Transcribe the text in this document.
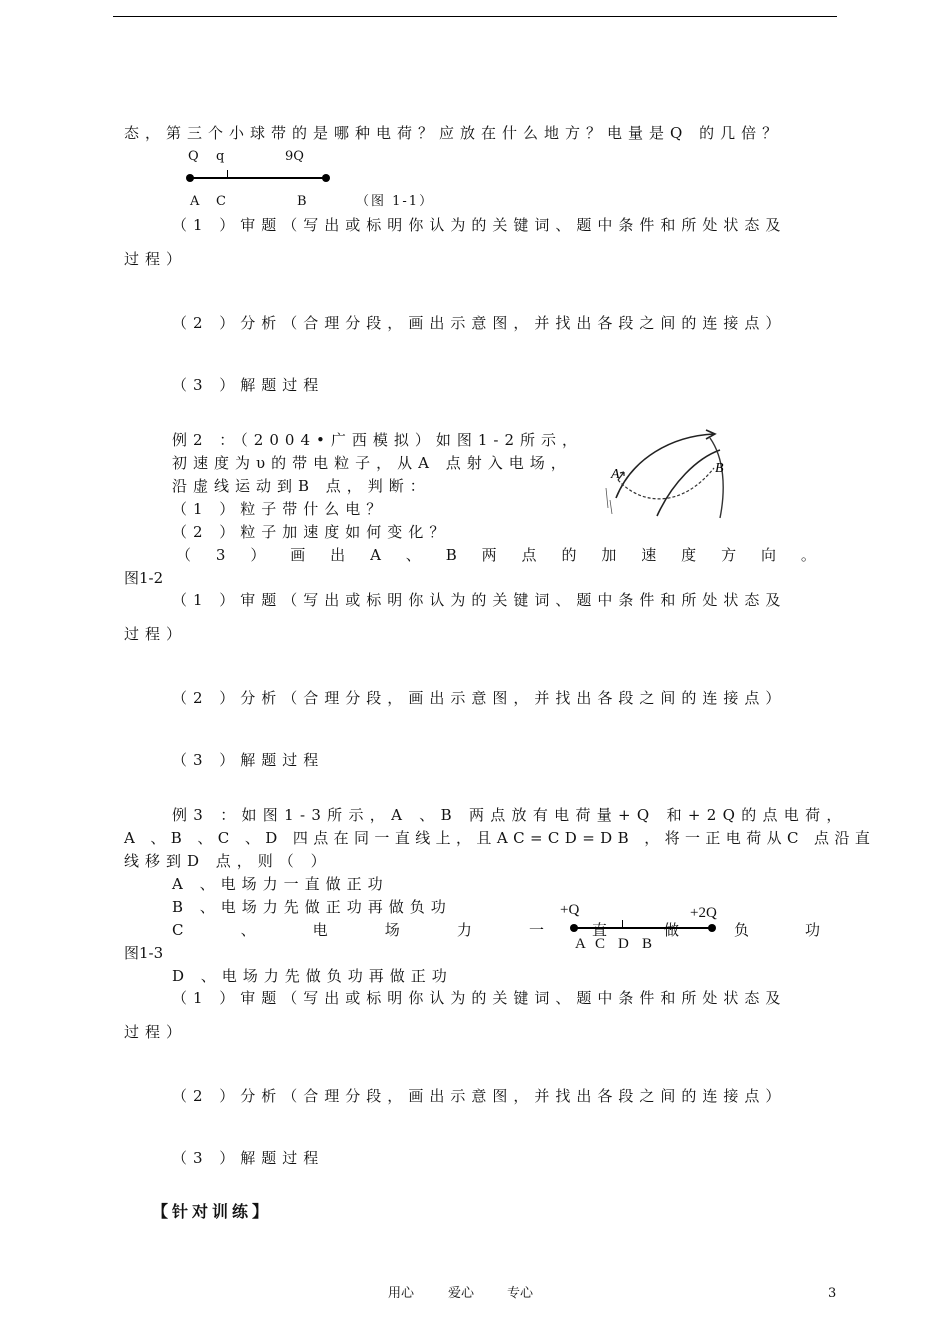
态，第三个小球带的是哪种电荷？应放在什么地方？电量是Q 的几倍？
Q q	9Q
A C	B	（图 1-1）
（1 ）审题（写出或标明你认为的关键词、题中条件和所处状态及
过程）
（2 ）分析（合理分段，画出示意图，并找出各段之间的连接点）
（3 ）解题过程
例2 ：（2004•广西模拟）如图1-2所示，
初速度为υ的带电粒子，从A 点射入电场，
沿虚线运动到B 点，判断：
（1 ）粒子带什么电？
（2 ）粒子加速度如何变化？
（ 3 ） 画 出 A 、 B 两 点 的 加 速 度 方 向 。
图1-2
A	B
（1 ）审题（写出或标明你认为的关键词、题中条件和所处状态及
过程）
（2 ）分析（合理分段，画出示意图，并找出各段之间的连接点）
（3 ）解题过程
例3 ：如图1-3所示，A 、B 两点放有电荷量+Q 和+2Q的点电荷，
A 、B 、C 、D 四点在同一直线上，且AC=CD=DB ，将一正电荷从C 点沿直
线移到D 点，则（ ）
A 、电场力一直做正功
B 、电场力先做正功再做负功
C	、	电	场	力	一	负	功
图1-3
D 、电场力先做负功再做正功
+Q	+2Q
直	做
A C D B
（1 ）审题（写出或标明你认为的关键词、题中条件和所处状态及
过程）
（2 ）分析（合理分段，画出示意图，并找出各段之间的连接点）
（3 ）解题过程
【针对训练】
用心	爱心	专心	3
